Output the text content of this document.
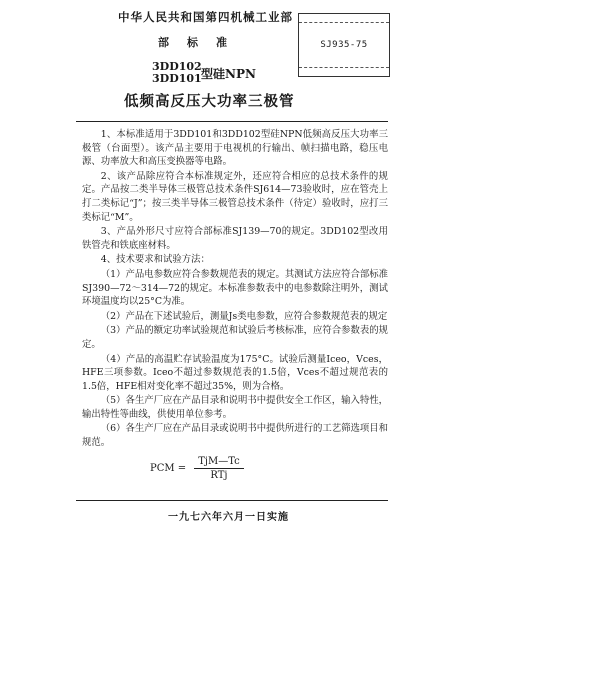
中华人民共和国第四机械工业部
部标准	SJ935-75
3DD102
3DD101 型硅NPN
低频高反压大功率三极管

1、本标准适用于3DD101和3DD102型硅NPN低频高反压大功率三极管（台面型）。该产品主要用于电视机的行输出、帧扫描电路，稳压电源、功率放大和高压变换器等电路。

2、该产品除应符合本标准规定外，还应符合相应的总技术条件的规定。产品按二类半导体三极管总技术条件SJ614—73验收时，应在管壳上打二类标记“J”；按三类半导体三极管总技术条件（待定）验收时，应打三类标记“M”。

3、产品外形尺寸应符合部标准SJ139—70的规定。3DD102型改用铁管壳和铁底座材料。

4、技术要求和试验方法：

（1）产品电参数应符合参数规范表的规定。其测试方法应符合部标准SJ390—72～314—72的规定。本标准参数表中的电参数除注明外，测试环境温度均以25°C为准。

（2）产品在下述试验后，测量Js类电参数，应符合参数规范表的规定

（3）产品的额定功率试验规范和试验后考核标准，应符合参数表的规定。

（4）产品的高温贮存试验温度为175°C。试验后测量Iceo，Vces，HFE三项参数。Iceo不超过参数规范表的1.5倍，Vces不超过规范表的1.5倍，HFE相对变化率不超过35%，则为合格。

（5）各生产厂应在产品目录和说明书中提供安全工作区，输入特性，输出特性等曲线，供使用单位参考。

（6）各生产厂应在产品目录或说明书中提供所进行的工艺筛选项目和规范。

PCM = $\frac{\text{TjM—Tc}}{\text{RTj}}$
一九七六年六月一日实施
